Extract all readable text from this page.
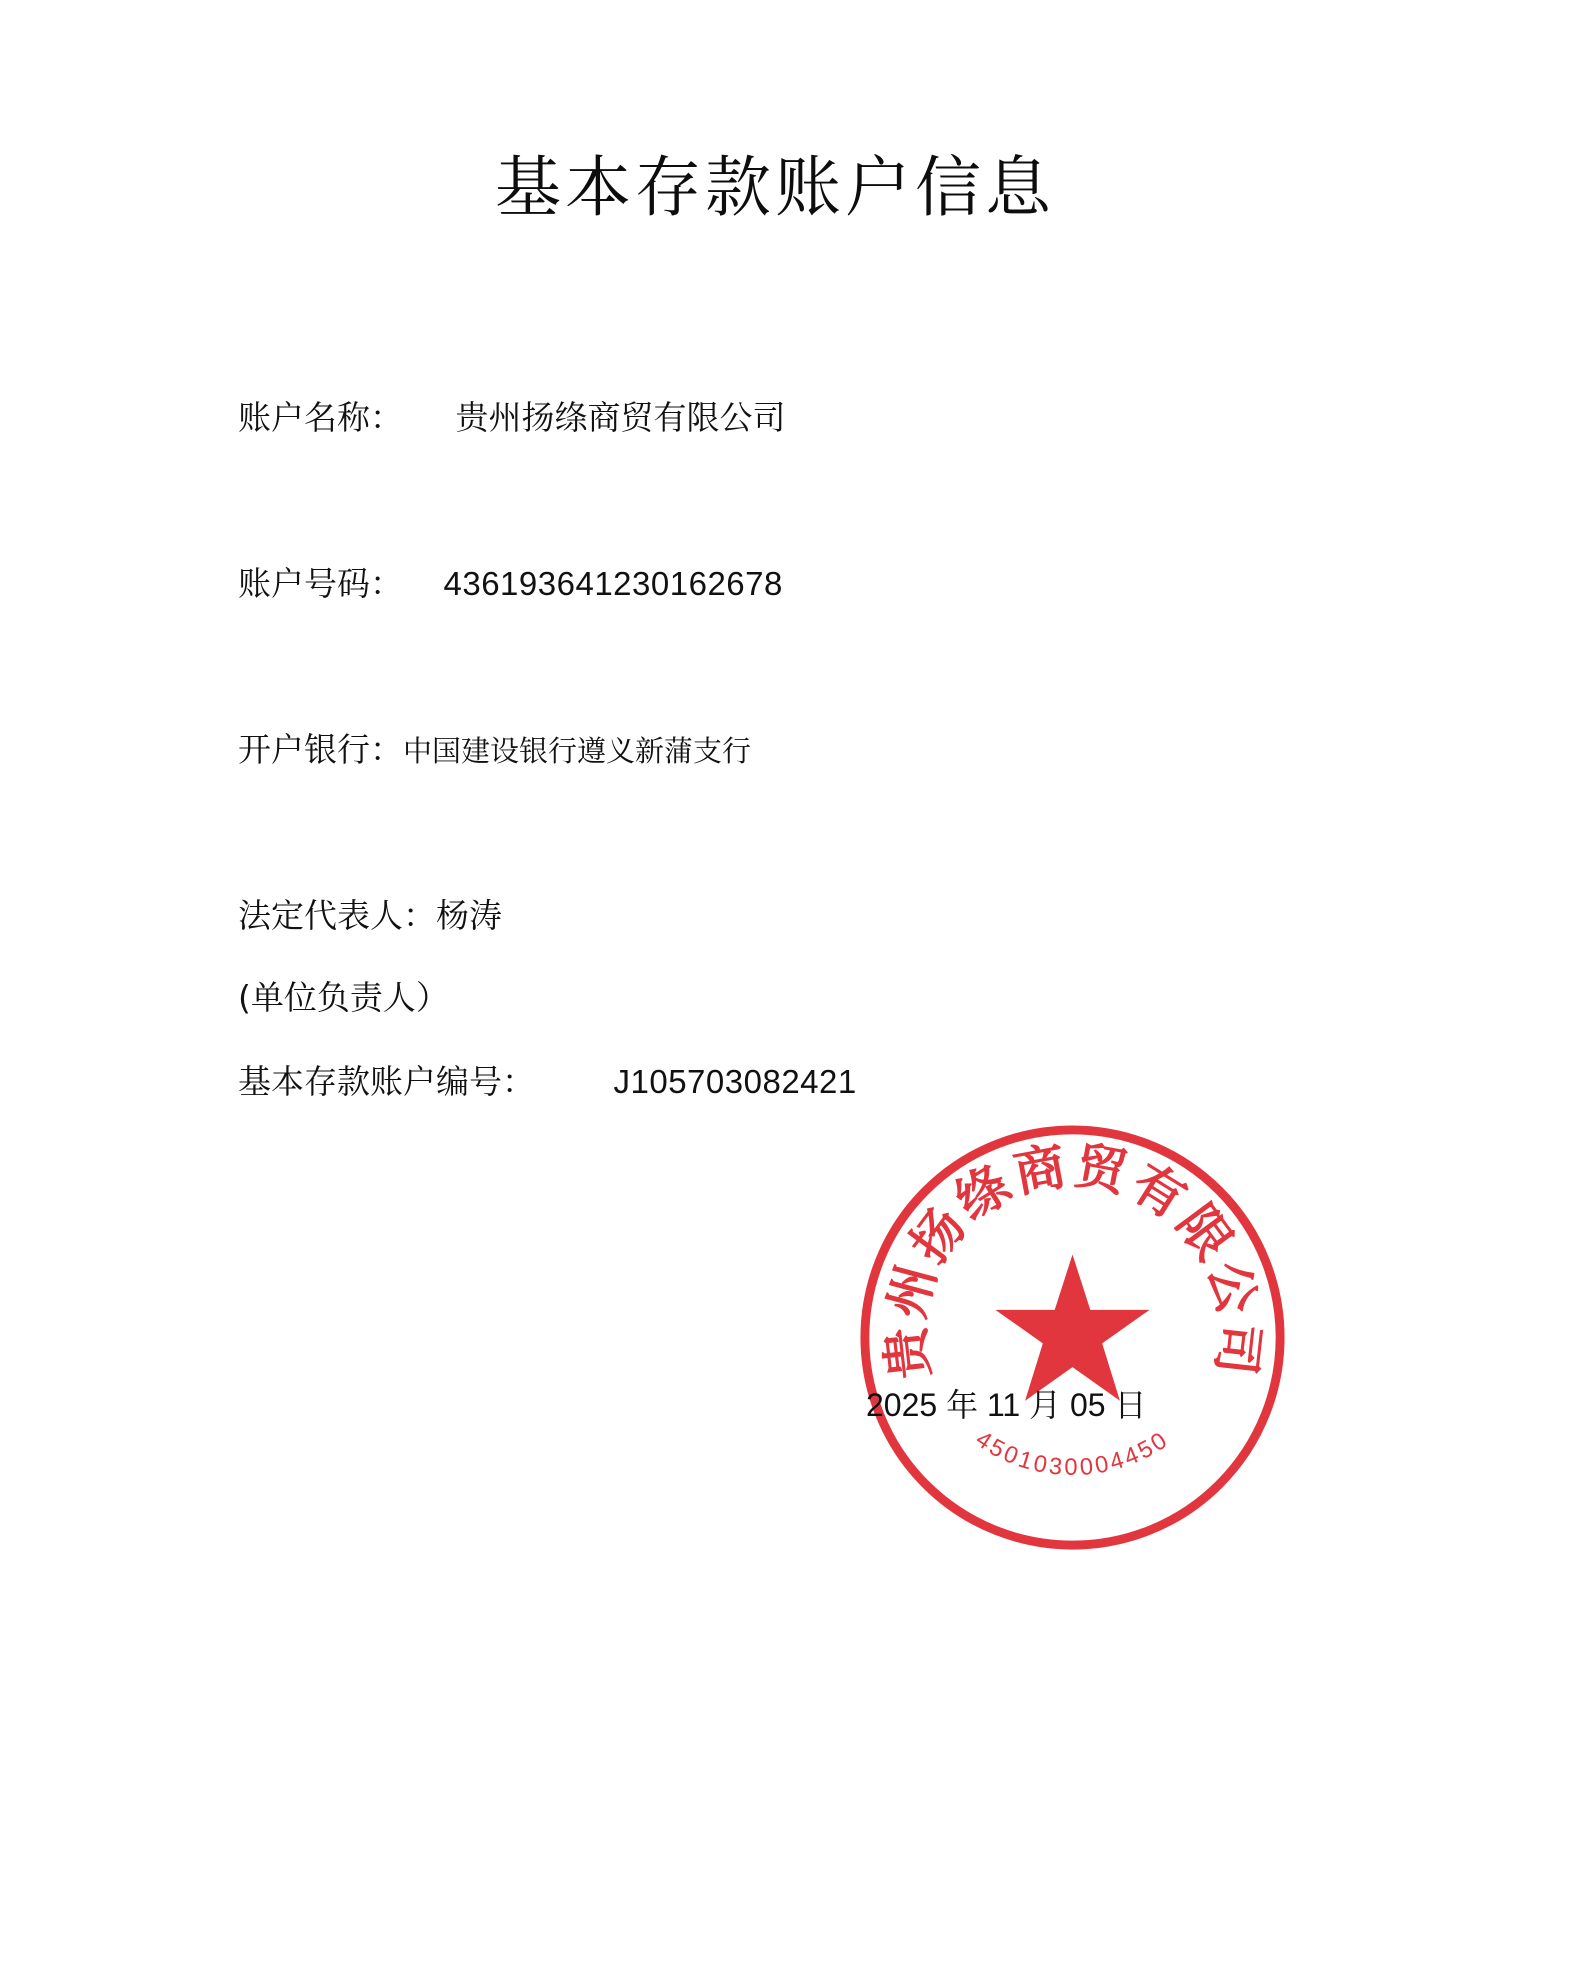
基本存款账户信息
账户名称： 贵州扬绦商贸有限公司
账户号码： 436193641230162678
开户银行：中国建设银行遵义新蒲支行
法定代表人：杨涛
(单位负责人）
基本存款账户编号： J105703082421
贵州扬绦商贸有限公司
4501030004450
2025 年 11 月 05 日
